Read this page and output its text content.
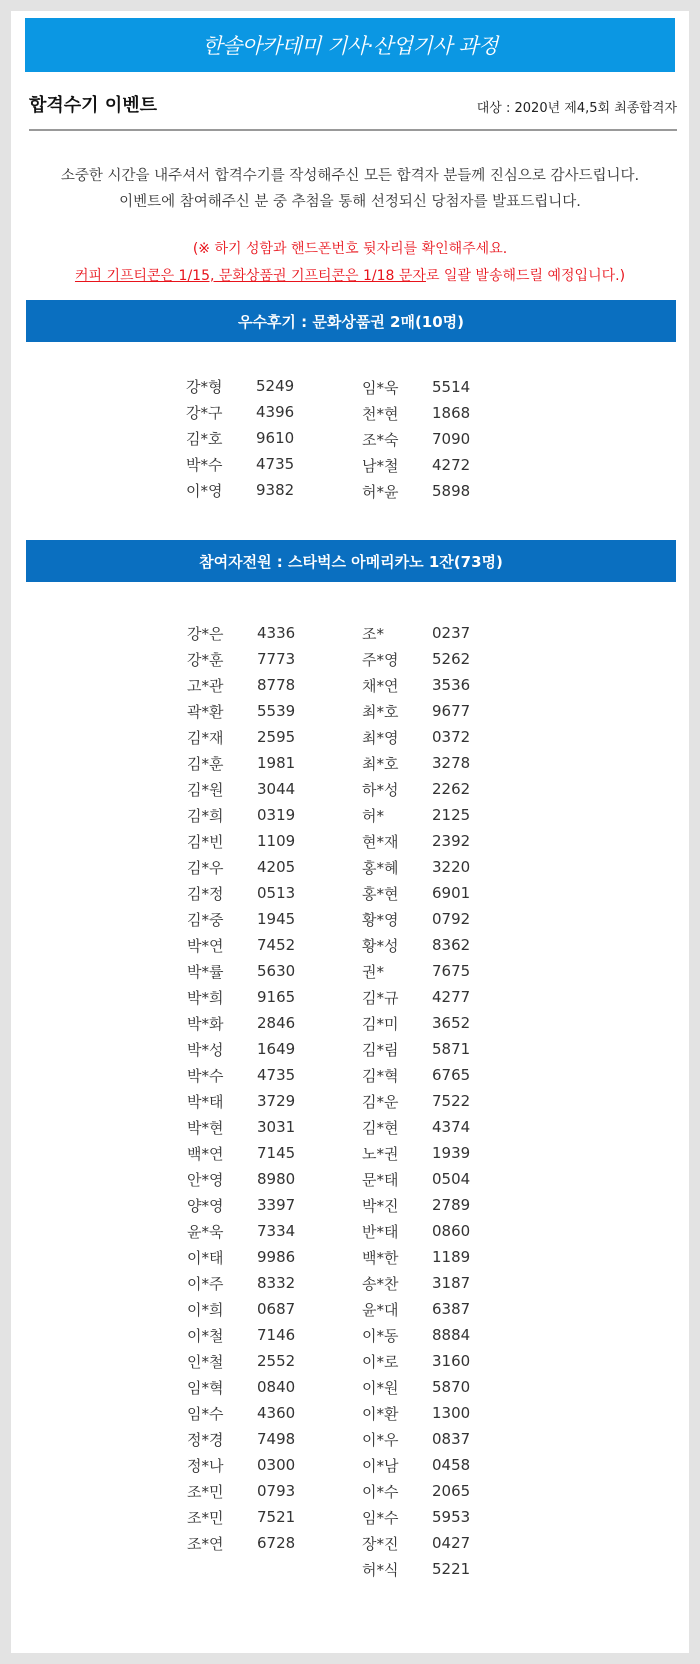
한솔아카데미 기사·산업기사 과정
합격수기 이벤트	대상 : 2020년 제4,5회 최종합격자
소중한 시간을 내주셔서 합격수기를 작성해주신 모든 합격자 분들께 진심으로 감사드립니다.
이벤트에 참여해주신 분 중 추첨을 통해 선정되신 당첨자를 발표드립니다.
(※ 하기 성함과 핸드폰번호 뒷자리를 확인해주세요.
커피 기프티콘은 1/15, 문화상품권 기프티콘은 1/18 문자로 일괄 발송해드릴 예정입니다.)
우수후기 : 문화상품권 2매(10명)
강*형	5249
강*구	4396
김*호	9610
박*수	4735
이*영	9382
임*욱	5514
천*현	1868
조*숙	7090
남*철	4272
허*윤	5898
참여자전원 : 스타벅스 아메리카노 1잔(73명)
강*은	4336
강*훈	7773
고*관	8778
곽*환	5539
김*재	2595
김*훈	1981
김*원	3044
김*희	0319
김*빈	1109
김*우	4205
김*정	0513
김*중	1945
박*연	7452
박*률	5630
박*희	9165
박*화	2846
박*성	1649
박*수	4735
박*태	3729
박*현	3031
백*연	7145
안*영	8980
양*영	3397
윤*욱	7334
이*태	9986
이*주	8332
이*희	0687
이*철	7146
인*철	2552
임*혁	0840
임*수	4360
정*경	7498
정*나	0300
조*민	0793
조*민	7521
조*연	6728
조*	0237
주*영	5262
채*연	3536
최*호	9677
최*영	0372
최*호	3278
하*성	2262
허*	2125
현*재	2392
홍*혜	3220
홍*현	6901
황*영	0792
황*성	8362
권*	7675
김*규	4277
김*미	3652
김*림	5871
김*혁	6765
김*운	7522
김*현	4374
노*권	1939
문*태	0504
박*진	2789
반*태	0860
백*한	1189
송*찬	3187
윤*대	6387
이*동	8884
이*로	3160
이*원	5870
이*환	1300
이*우	0837
이*남	0458
이*수	2065
임*수	5953
장*진	0427
허*식	5221
